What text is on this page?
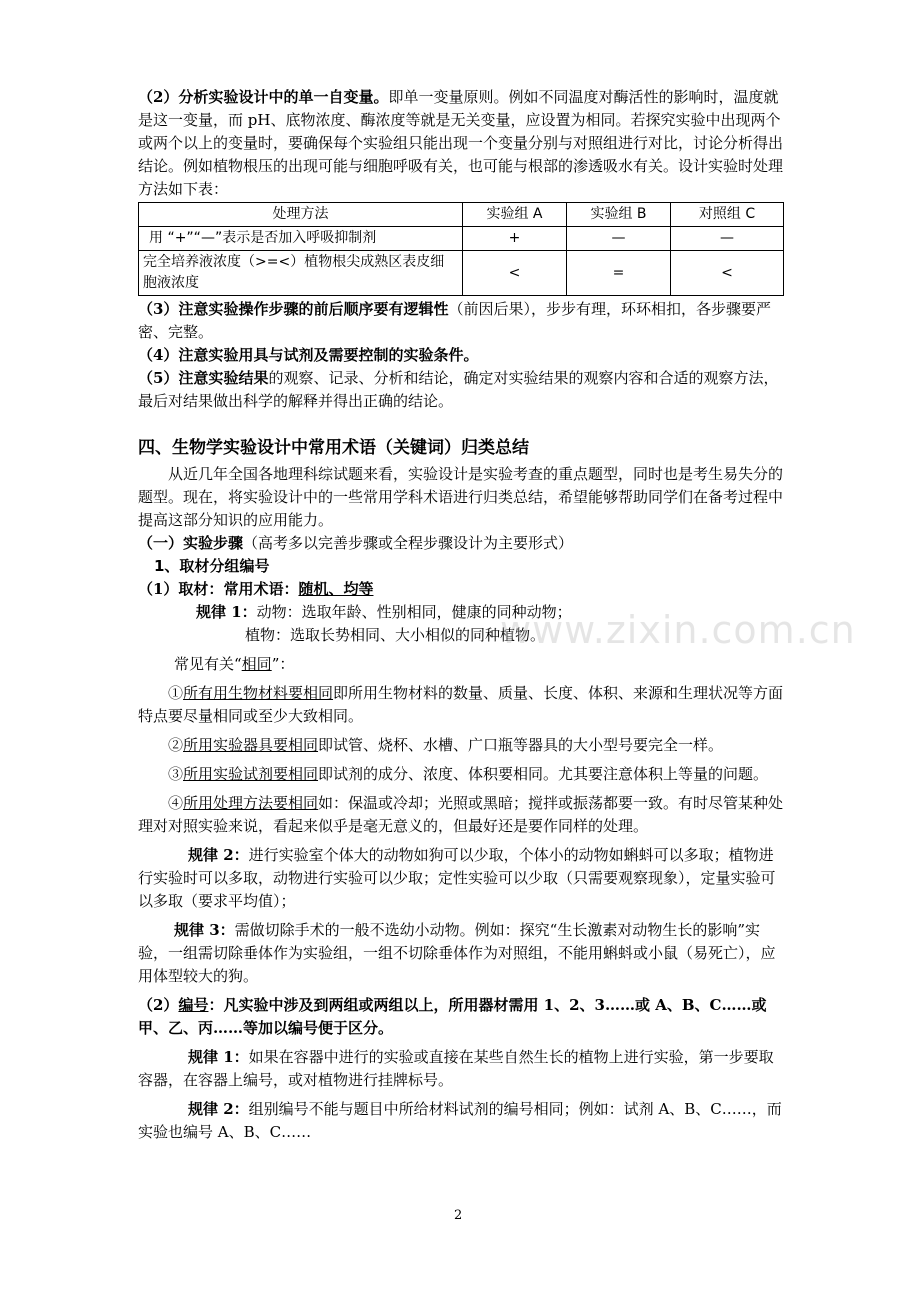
（2）分析实验设计中的单一自变量。即单一变量原则。例如不同温度对酶活性的影响时，温度就是这一变量，而 pH、底物浓度、酶浓度等就是无关变量，应设置为相同。若探究实验中出现两个或两个以上的变量时，要确保每个实验组只能出现一个变量分别与对照组进行对比，讨论分析得出结论。例如植物根压的出现可能与细胞呼吸有关，也可能与根部的渗透吸水有关。设计实验时处理方法如下表：

处理方法	实验组 A	实验组 B	对照组 C
用 “+”“—”表示是否加入呼吸抑制剂	+	—	—
完全培养液浓度（>=<）植物根尖成熟区表皮细胞液浓度	<	=	<

（3）注意实验操作步骤的前后顺序要有逻辑性（前因后果），步步有理，环环相扣，各步骤要严密、完整。

（4）注意实验用具与试剂及需要控制的实验条件。

（5）注意实验结果的观察、记录、分析和结论，确定对实验结果的观察内容和合适的观察方法，最后对结果做出科学的解释并得出正确的结论。

四、生物学实验设计中常用术语（关键词）归类总结

从近几年全国各地理科综试题来看，实验设计是实验考查的重点题型，同时也是考生易失分的题型。现在，将实验设计中的一些常用学科术语进行归类总结，希望能够帮助同学们在备考过程中提高这部分知识的应用能力。

（一）实验步骤（高考多以完善步骤或全程步骤设计为主要形式）

1、取材分组编号

（1）取材：常用术语：随机、均等

规律 1：动物：选取年龄、性别相同，健康的同种动物；

植物：选取长势相同、大小相似的同种植物。

常见有关“相同”：

①所有用生物材料要相同即所用生物材料的数量、质量、长度、体积、来源和生理状况等方面特点要尽量相同或至少大致相同。

②所用实验器具要相同即试管、烧杯、水槽、广口瓶等器具的大小型号要完全一样。

③所用实验试剂要相同即试剂的成分、浓度、体积要相同。尤其要注意体积上等量的问题。

④所用处理方法要相同如：保温或冷却；光照或黑暗；搅拌或振荡都要一致。有时尽管某种处理对对照实验来说，看起来似乎是毫无意义的，但最好还是要作同样的处理。

规律 2：进行实验室个体大的动物如狗可以少取，个体小的动物如蝌蚪可以多取；植物进行实验时可以多取，动物进行实验可以少取；定性实验可以少取（只需要观察现象），定量实验可以多取（要求平均值）；

规律 3：需做切除手术的一般不选幼小动物。例如：探究“生长激素对动物生长的影响”实验，一组需切除垂体作为实验组，一组不切除垂体作为对照组，不能用蝌蚪或小鼠（易死亡），应用体型较大的狗。

（2）编号：凡实验中涉及到两组或两组以上，所用器材需用 1、2、3……或 A、B、C……或甲、乙、丙……等加以编号便于区分。

规律 1：如果在容器中进行的实验或直接在某些自然生长的植物上进行实验，第一步要取容器，在容器上编号，或对植物进行挂牌标号。

规律 2：组别编号不能与题目中所给材料试剂的编号相同；例如：试剂 A、B、C……，而实验也编号 A、B、C……

www.zixin.com.cn
2
